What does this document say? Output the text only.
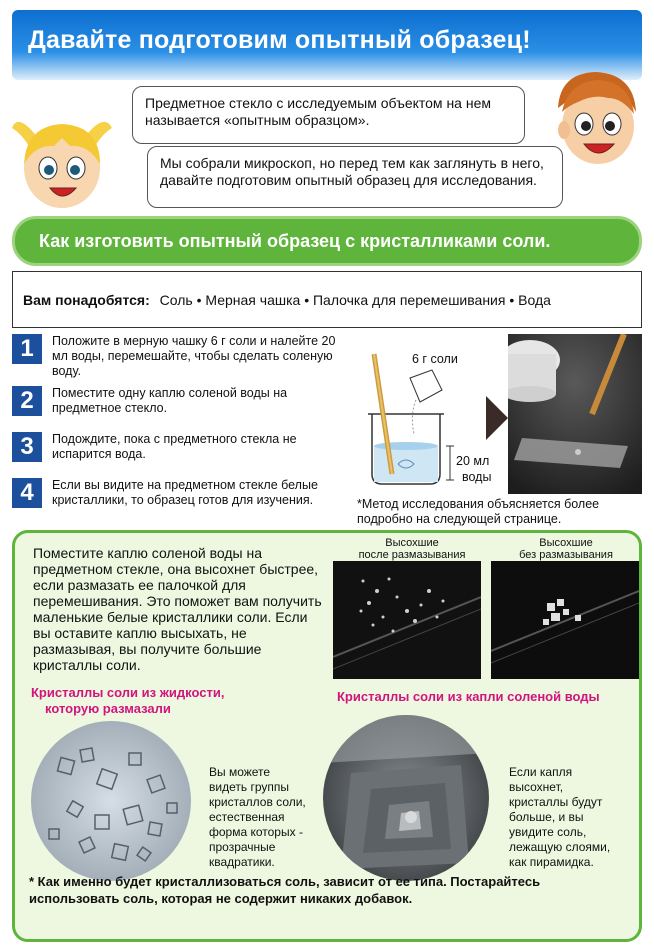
Давайте подготовим опытный образец!
Предметное стекло с исследуемым объектом на нем называется «опытным образцом».
Мы собрали микроскоп, но перед тем как заглянуть в него, давайте подготовим опытный образец для исследования.
Как изготовить опытный образец с кристалликами соли.
Вам понадобятся: Соль • Мерная чашка • Палочка для перемешивания • Вода
1	Положите в мерную чашку 6 г соли и налейте 20 мл воды, перемешайте, чтобы сделать соленую воду.
2	Поместите одну каплю соленой воды на предметное стекло.
3	Подождите, пока с предметного стекла не испарится вода.
4	Если вы видите на предметном стекле белые кристаллики, то образец готов для изучения.
6 г соли
20 мл
воды
*Метод исследования объясняется более подробно на следующей странице.
Поместите каплю соленой воды на предметном стекле, она высохнет быстрее, если размазать ее палочкой для перемешивания. Это поможет вам получить маленькие белые кристаллики соли. Если вы оставите каплю высыхать, не размазывая, вы получите большие кристаллы соли.
Высохшие
после размазывания
Высохшие
без размазывания
Кристаллы соли из жидкости,
которую размазали
Кристаллы соли из капли соленой воды
Вы можете видеть группы кристаллов соли, естественная форма которых - прозрачные квадратики.
Если капля высохнет, кристаллы будут больше, и вы увидите соль, лежащую слоями, как пирамидка.
* Как именно будет кристаллизоваться соль, зависит от ее типа. Постарайтесь использовать соль, которая не содержит никаких добавок.
